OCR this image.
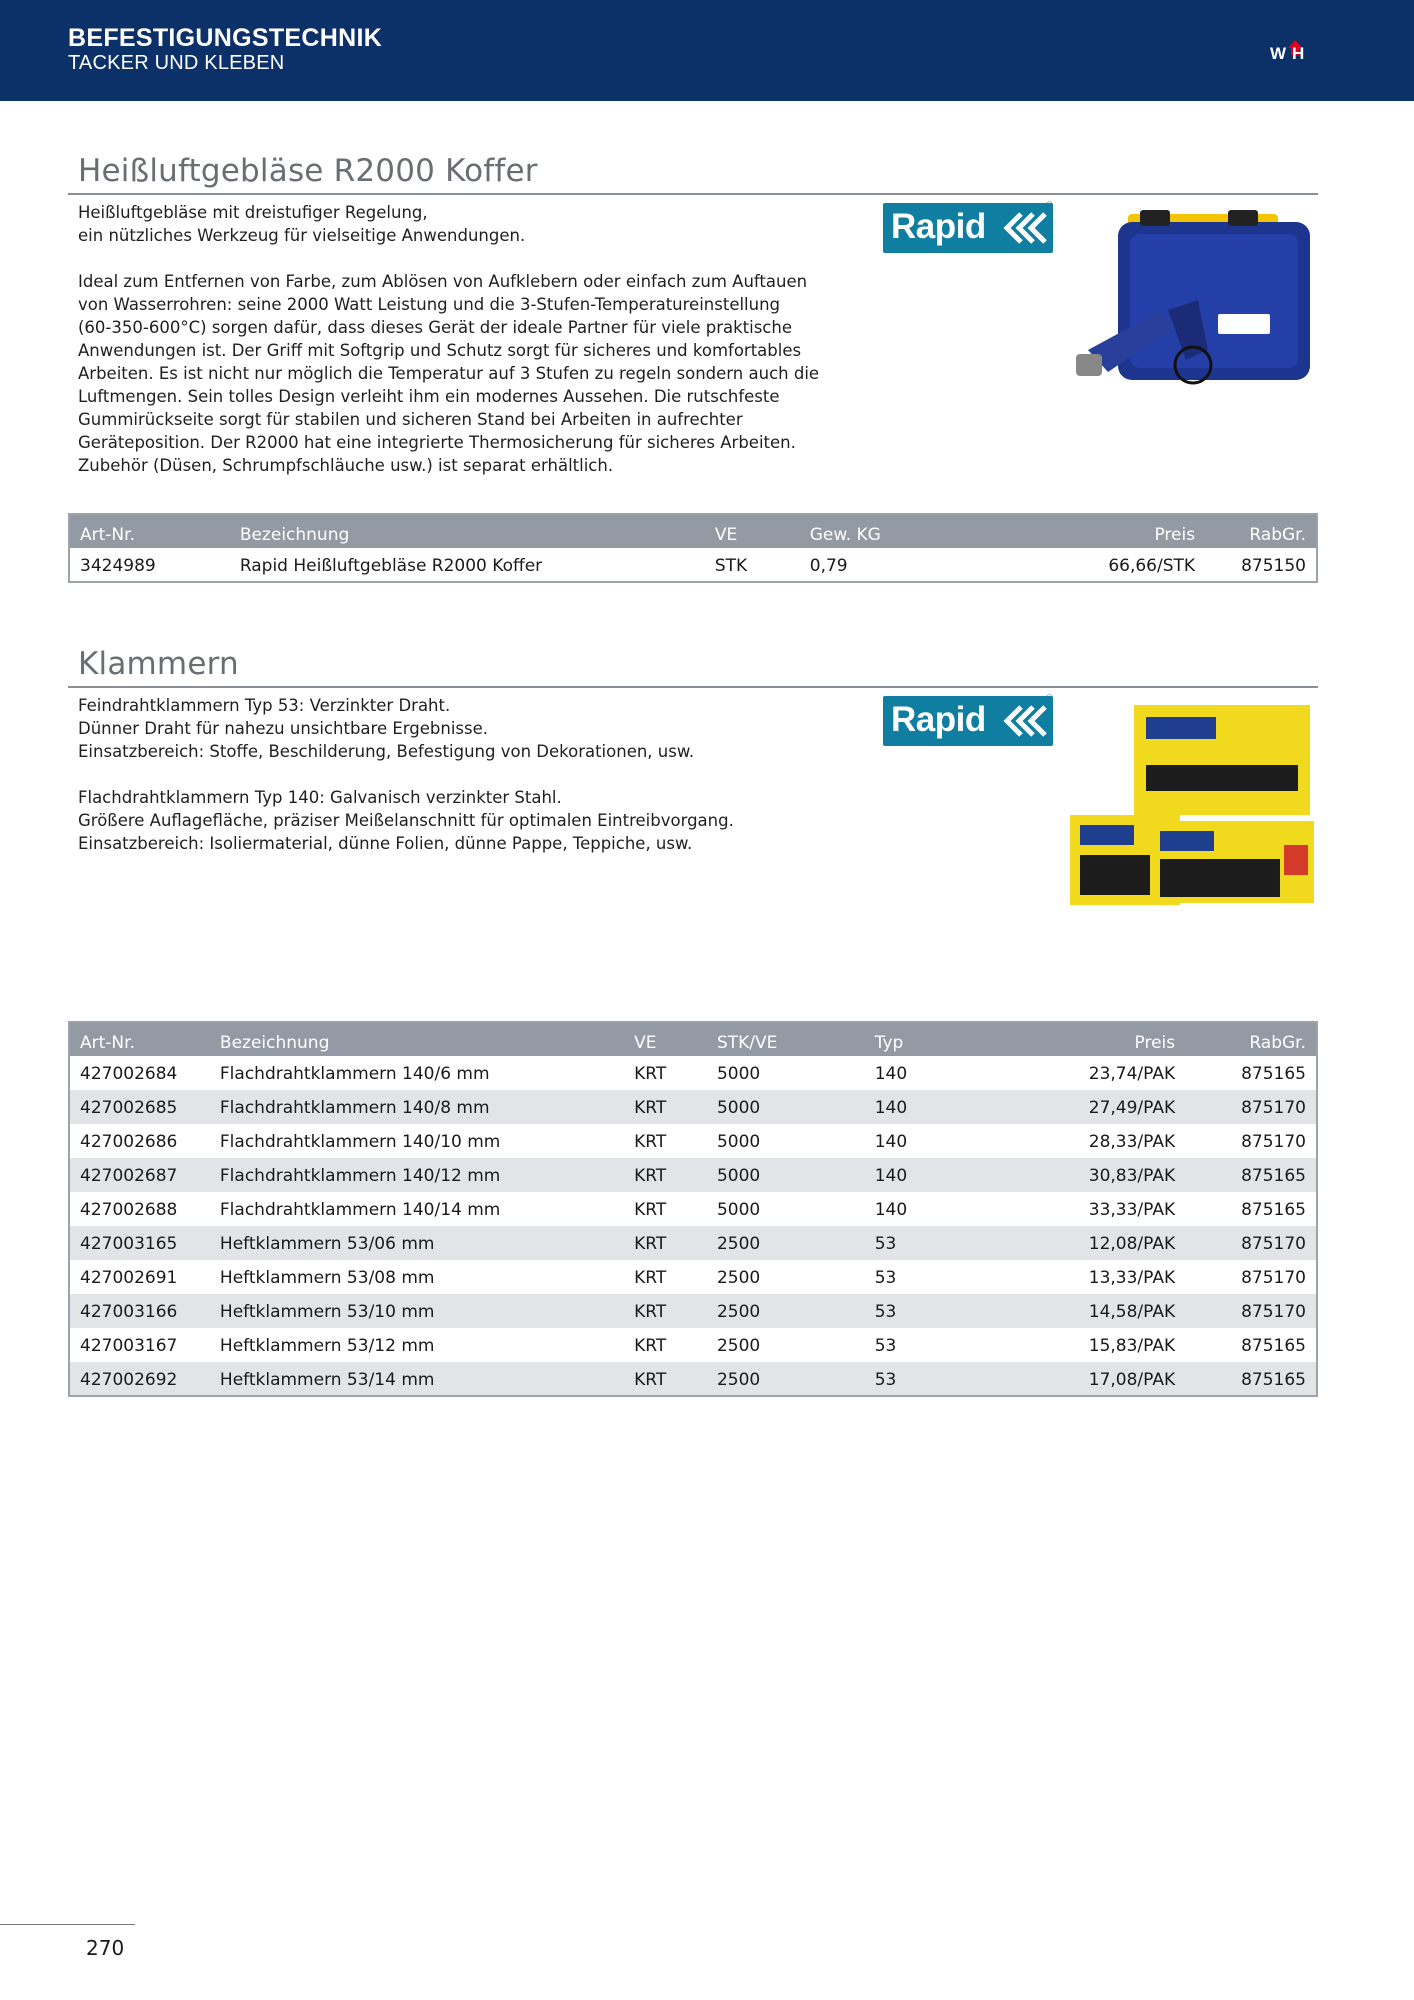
BEFESTIGUNGSTECHNIK
TACKER UND KLEBEN	WH
Heißluftgebläse R2000 Koffer

Heißluftgebläse mit dreistufiger Regelung,
ein nützliches Werkzeug für vielseitige Anwendungen.

Ideal zum Entfernen von Farbe, zum Ablösen von Aufklebern oder einfach zum Auftauen
von Wasserrohren: seine 2000 Watt Leistung und die 3-Stufen-Temperatureinstellung
(60-350-600°C) sorgen dafür, dass dieses Gerät der ideale Partner für viele praktische
Anwendungen ist. Der Griff mit Softgrip und Schutz sorgt für sicheres und komfortables
Arbeiten. Es ist nicht nur möglich die Temperatur auf 3 Stufen zu regeln sondern auch die
Luftmengen. Sein tolles Design verleiht ihm ein modernes Aussehen. Die rutschfeste
Gummirückseite sorgt für stabilen und sicheren Stand bei Arbeiten in aufrechter
Geräteposition. Der R2000 hat eine integrierte Thermosicherung für sicheres Arbeiten.
Zubehör (Düsen, Schrumpfschläuche usw.) ist separat erhältlich.

Rapid
®
Art-Nr.	Bezeichnung	VE	Gew. KG	Preis	RabGr.
3424989	Rapid Heißluftgebläse R2000 Koffer	STK	0,79	66,66/STK	875150
Klammern

Feindrahtklammern Typ 53: Verzinkter Draht.
Dünner Draht für nahezu unsichtbare Ergebnisse.
Einsatzbereich: Stoffe, Beschilderung, Befestigung von Dekorationen, usw.

Flachdrahtklammern Typ 140: Galvanisch verzinkter Stahl.
Größere Auflagefläche, präziser Meißelanschnitt für optimalen Eintreibvorgang.
Einsatzbereich: Isoliermaterial, dünne Folien, dünne Pappe, Teppiche, usw.

Rapid
®
Art-Nr.	Bezeichnung	VE	STK/VE	Typ	Preis	RabGr.
427002684	Flachdrahtklammern 140/6 mm	KRT	5000	140	23,74/PAK	875165
427002685	Flachdrahtklammern 140/8 mm	KRT	5000	140	27,49/PAK	875170
427002686	Flachdrahtklammern 140/10 mm	KRT	5000	140	28,33/PAK	875170
427002687	Flachdrahtklammern 140/12 mm	KRT	5000	140	30,83/PAK	875165
427002688	Flachdrahtklammern 140/14 mm	KRT	5000	140	33,33/PAK	875165
427003165	Heftklammern 53/06 mm	KRT	2500	53	12,08/PAK	875170
427002691	Heftklammern 53/08 mm	KRT	2500	53	13,33/PAK	875170
427003166	Heftklammern 53/10 mm	KRT	2500	53	14,58/PAK	875170
427003167	Heftklammern 53/12 mm	KRT	2500	53	15,83/PAK	875165
427002692	Heftklammern 53/14 mm	KRT	2500	53	17,08/PAK	875165
270
